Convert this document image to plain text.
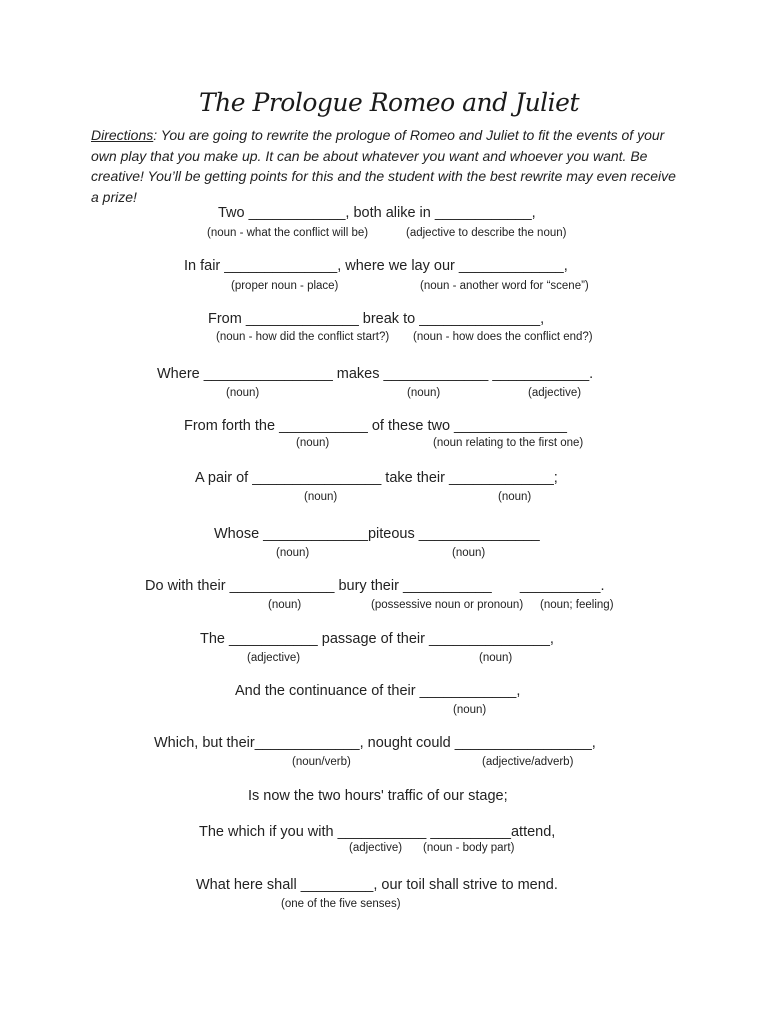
The Prologue Romeo and Juliet
Directions: You are going to rewrite the prologue of Romeo and Juliet to fit the events of your own play that you make up. It can be about whatever you want and whoever you want. Be creative! You’ll be getting points for this and the student with the best rewrite may even receive a prize!
Two ____________, both alike in ____________,
(noun - what the conflict will be)	(adjective to describe the noun)
In fair ______________, where we lay our _____________,
(proper noun - place)	(noun - another word for “scene”)
From ______________ break to _______________,
(noun - how did the conflict start?) (noun - how does the conflict end?)
Where ________________ makes _____________ ____________.
(noun)	(noun)	(adjective)
From forth the ___________ of these two ______________
(noun)	(noun relating to the first one)
A pair of ________________ take their _____________;
(noun)	(noun)
Whose _____________piteous _______________
(noun)	(noun)
Do with their _____________ bury their ___________       __________.
(noun)	(possessive noun or pronoun) (noun; feeling)
The ___________ passage of their _______________,
(adjective)	(noun)
And the continuance of their ____________,
(noun)
Which, but their_____________, nought could _________________,
(noun/verb)	(adjective/adverb)
Is now the two hours' traffic of our stage;
The which if you with ___________ __________attend,
(adjective) (noun - body part)
What here shall _________, our toil shall strive to mend.
(one of the five senses)
